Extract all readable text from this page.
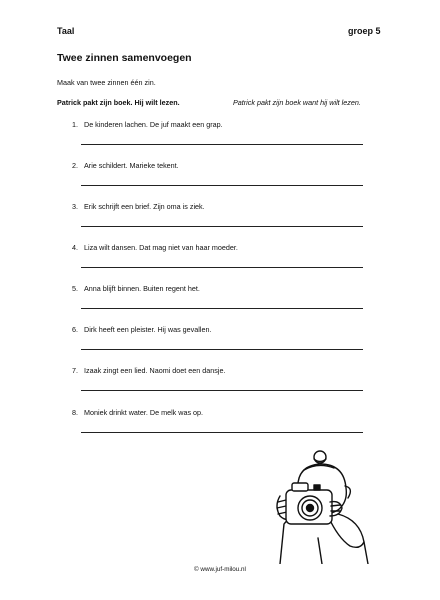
Taal	groep 5
Twee zinnen samenvoegen
Maak van twee zinnen één zin.
Patrick pakt zijn boek. Hij wilt lezen.	Patrick pakt zijn boek want hij wilt lezen.
1. De kinderen lachen. De juf maakt een grap.
2. Arie schildert. Marieke tekent.
3. Erik schrijft een brief. Zijn oma is ziek.
4. Liza wilt dansen. Dat mag niet van haar moeder.
5. Anna blijft binnen. Buiten regent het.
6. Dirk heeft een pleister. Hij was gevallen.
7. Izaak zingt een lied. Naomi doet een dansje.
8. Moniek drinkt water. De melk was op.
© www.juf-milou.nl
